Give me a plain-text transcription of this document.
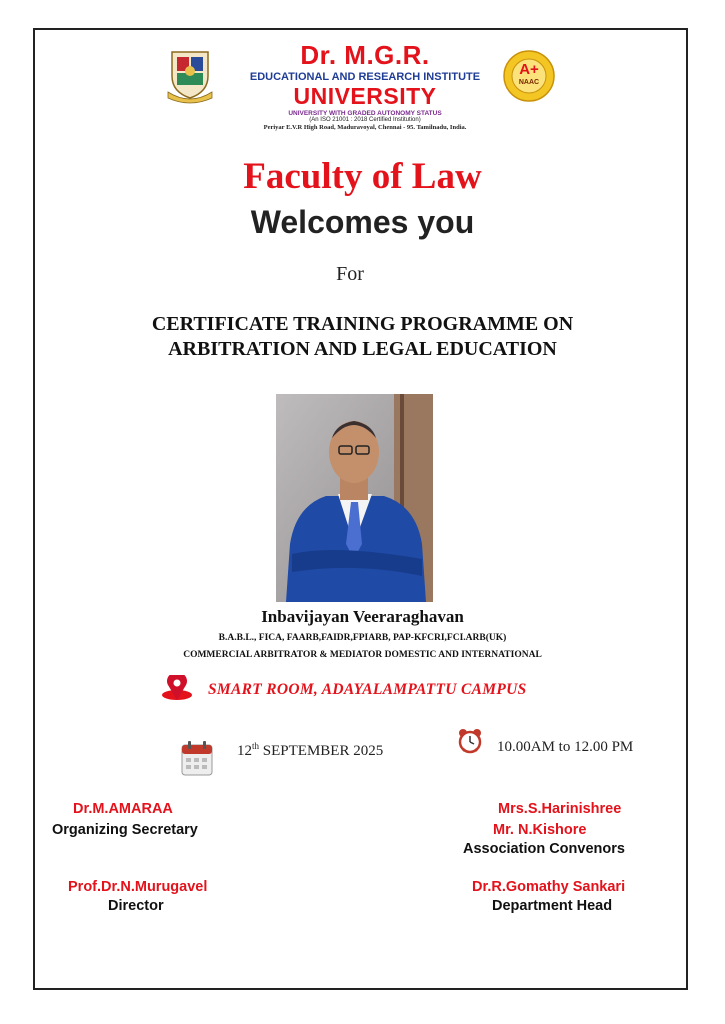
Dr. M.G.R.
EDUCATIONAL AND RESEARCH INSTITUTE
UNIVERSITY
UNIVERSITY WITH GRADED AUTONOMY STATUS
(An ISO 21001 : 2018 Certified Institution)
Periyar E.V.R High Road, Maduravoyal, Chennai - 95. Tamilnadu, India.
A+
NAAC
Faculty of Law
Welcomes you
For
CERTIFICATE TRAINING PROGRAMME ON
ARBITRATION AND LEGAL EDUCATION
Inbavijayan Veeraraghavan
B.A.B.L., FICA, FAARB,FAIDR,FPIARB, PAP-KFCRI,FCI.ARB(UK)
COMMERCIAL ARBITRATOR & MEDIATOR DOMESTIC AND INTERNATIONAL
SMART ROOM, ADAYALAMPATTU CAMPUS
12th SEPTEMBER 2025	10.00AM to 12.00 PM
Dr.M.AMARAA
Organizing Secretary
Mrs.S.Harinishree
Mr. N.Kishore
Association Convenors
Prof.Dr.N.Murugavel
Director
Dr.R.Gomathy Sankari
Department Head
